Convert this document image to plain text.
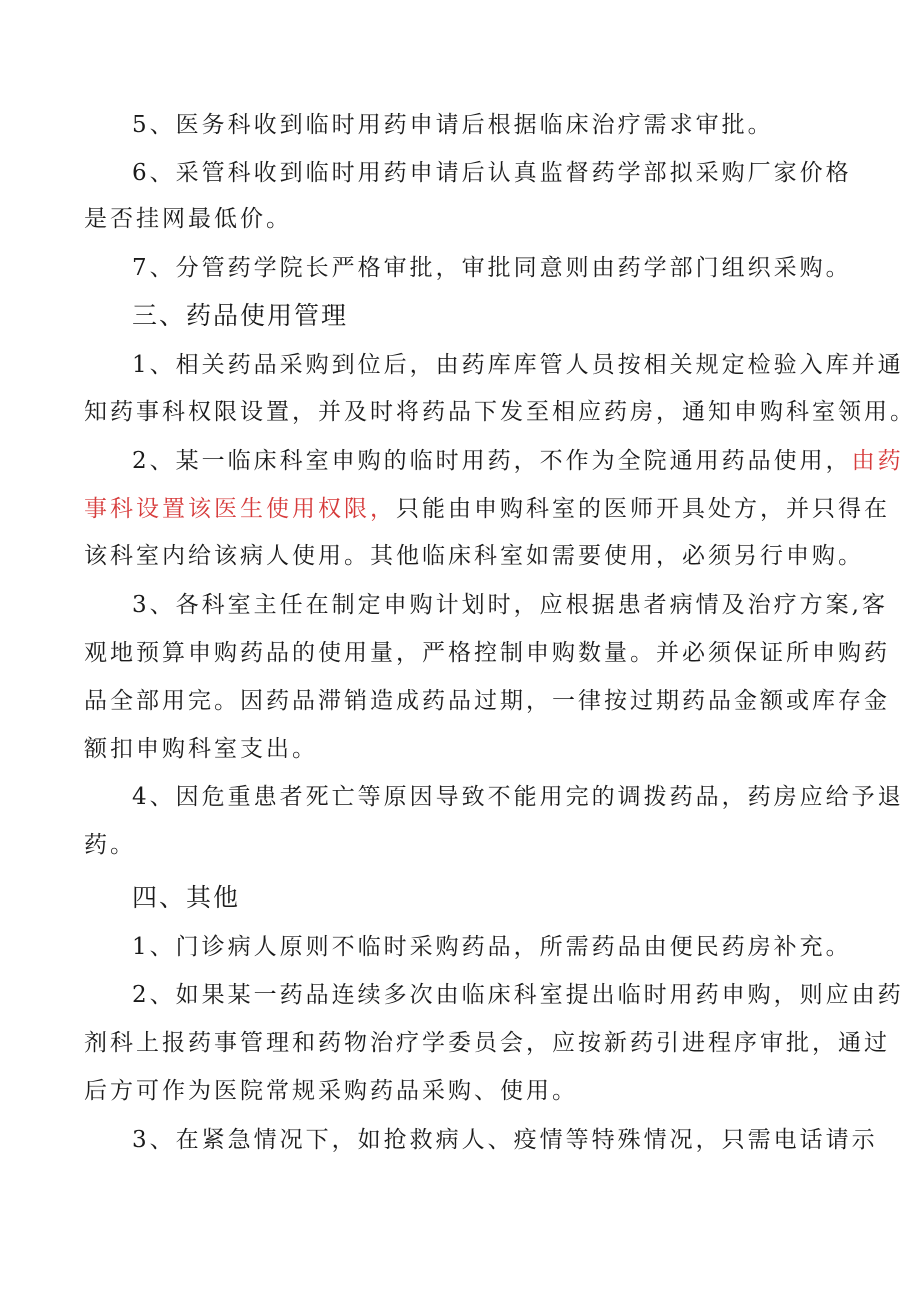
5、医务科收到临时用药申请后根据临床治疗需求审批。
6、采管科收到临时用药申请后认真监督药学部拟采购厂家价格
是否挂网最低价。
7、分管药学院长严格审批，审批同意则由药学部门组织采购。
三、药品使用管理
1、相关药品采购到位后，由药库库管人员按相关规定检验入库并通
知药事科权限设置，并及时将药品下发至相应药房，通知申购科室领用。
2、某一临床科室申购的临时用药，不作为全院通用药品使用，由药
事科设置该医生使用权限，只能由申购科室的医师开具处方，并只得在
该科室内给该病人使用。其他临床科室如需要使用，必须另行申购。
3、各科室主任在制定申购计划时，应根据患者病情及治疗方案,客
观地预算申购药品的使用量，严格控制申购数量。并必须保证所申购药
品全部用完。因药品滞销造成药品过期，一律按过期药品金额或库存金
额扣申购科室支出。
4、因危重患者死亡等原因导致不能用完的调拨药品，药房应给予退
药。
四、其他
1、门诊病人原则不临时采购药品，所需药品由便民药房补充。
2、如果某一药品连续多次由临床科室提出临时用药申购，则应由药
剂科上报药事管理和药物治疗学委员会，应按新药引进程序审批，通过
后方可作为医院常规采购药品采购、使用。
3、在紧急情况下，如抢救病人、疫情等特殊情况，只需电话请示
